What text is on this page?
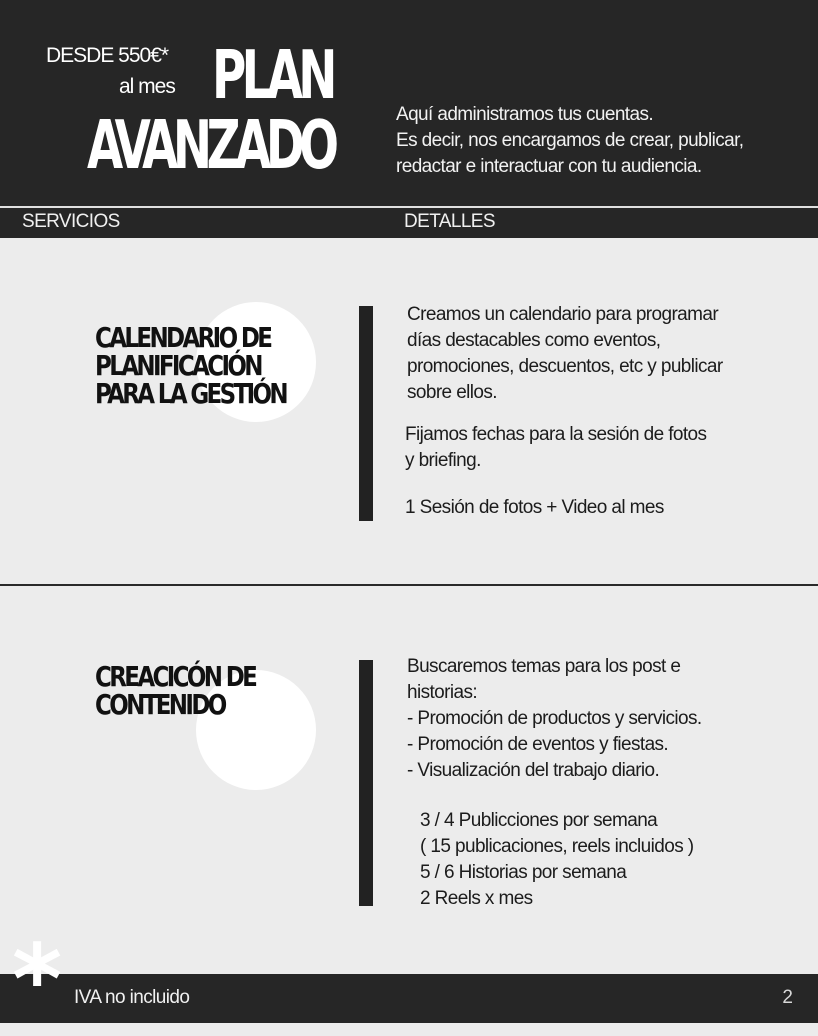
DESDE 550€*
al mes PLAN
AVANZADO	Aquí administramos tus cuentas.
Es decir, nos encargamos de crear, publicar,
redactar e interactuar con tu audiencia.
SERVICIOS	DETALLES
CALENDARIO DE
PLANIFICACIÓN
PARA LA GESTIÓN
Creamos un calendario para programar
días destacables como eventos,
promociones, descuentos, etc y publicar
sobre ellos.
Fijamos fechas para la sesión de fotos
y briefing.
1 Sesión de fotos + Video al mes
CREACICÓN DE
CONTENIDO
Buscaremos temas para los post e
historias:
- Promoción de productos y servicios.
- Promoción de eventos y fiestas.
- Visualización del trabajo diario.
3 / 4 Publicciones por semana
( 15 publicaciones, reels incluidos )
5 / 6 Historias por semana
2 Reels x mes
* IVA no incluido	2
